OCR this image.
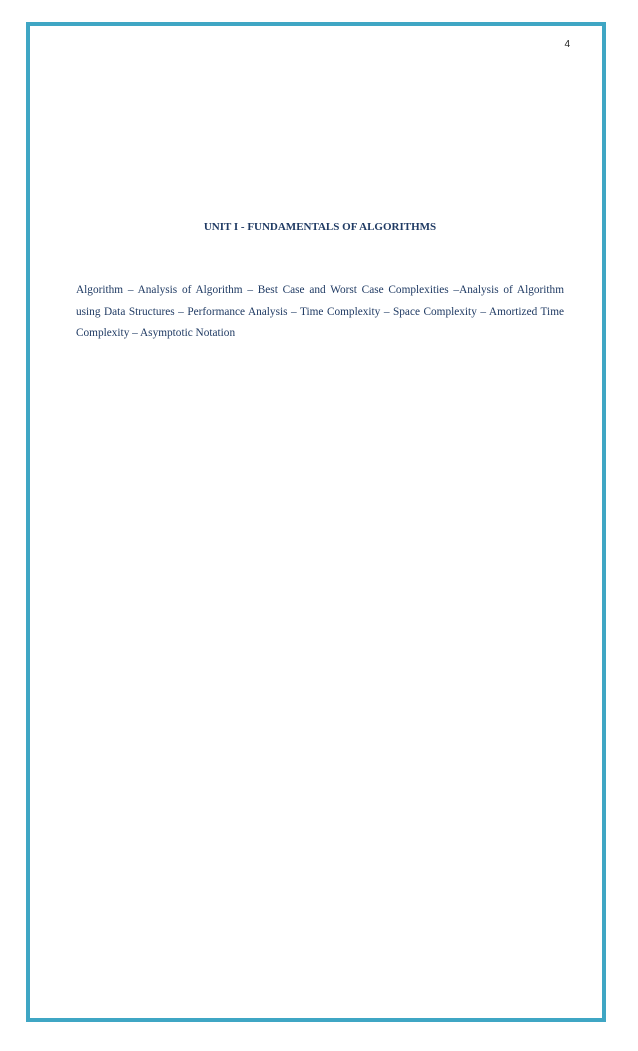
4
UNIT I - FUNDAMENTALS OF ALGORITHMS

Algorithm – Analysis of Algorithm – Best Case and Worst Case Complexities –Analysis of Algorithm using Data Structures – Performance Analysis – Time Complexity – Space Complexity – Amortized Time Complexity – Asymptotic Notation
